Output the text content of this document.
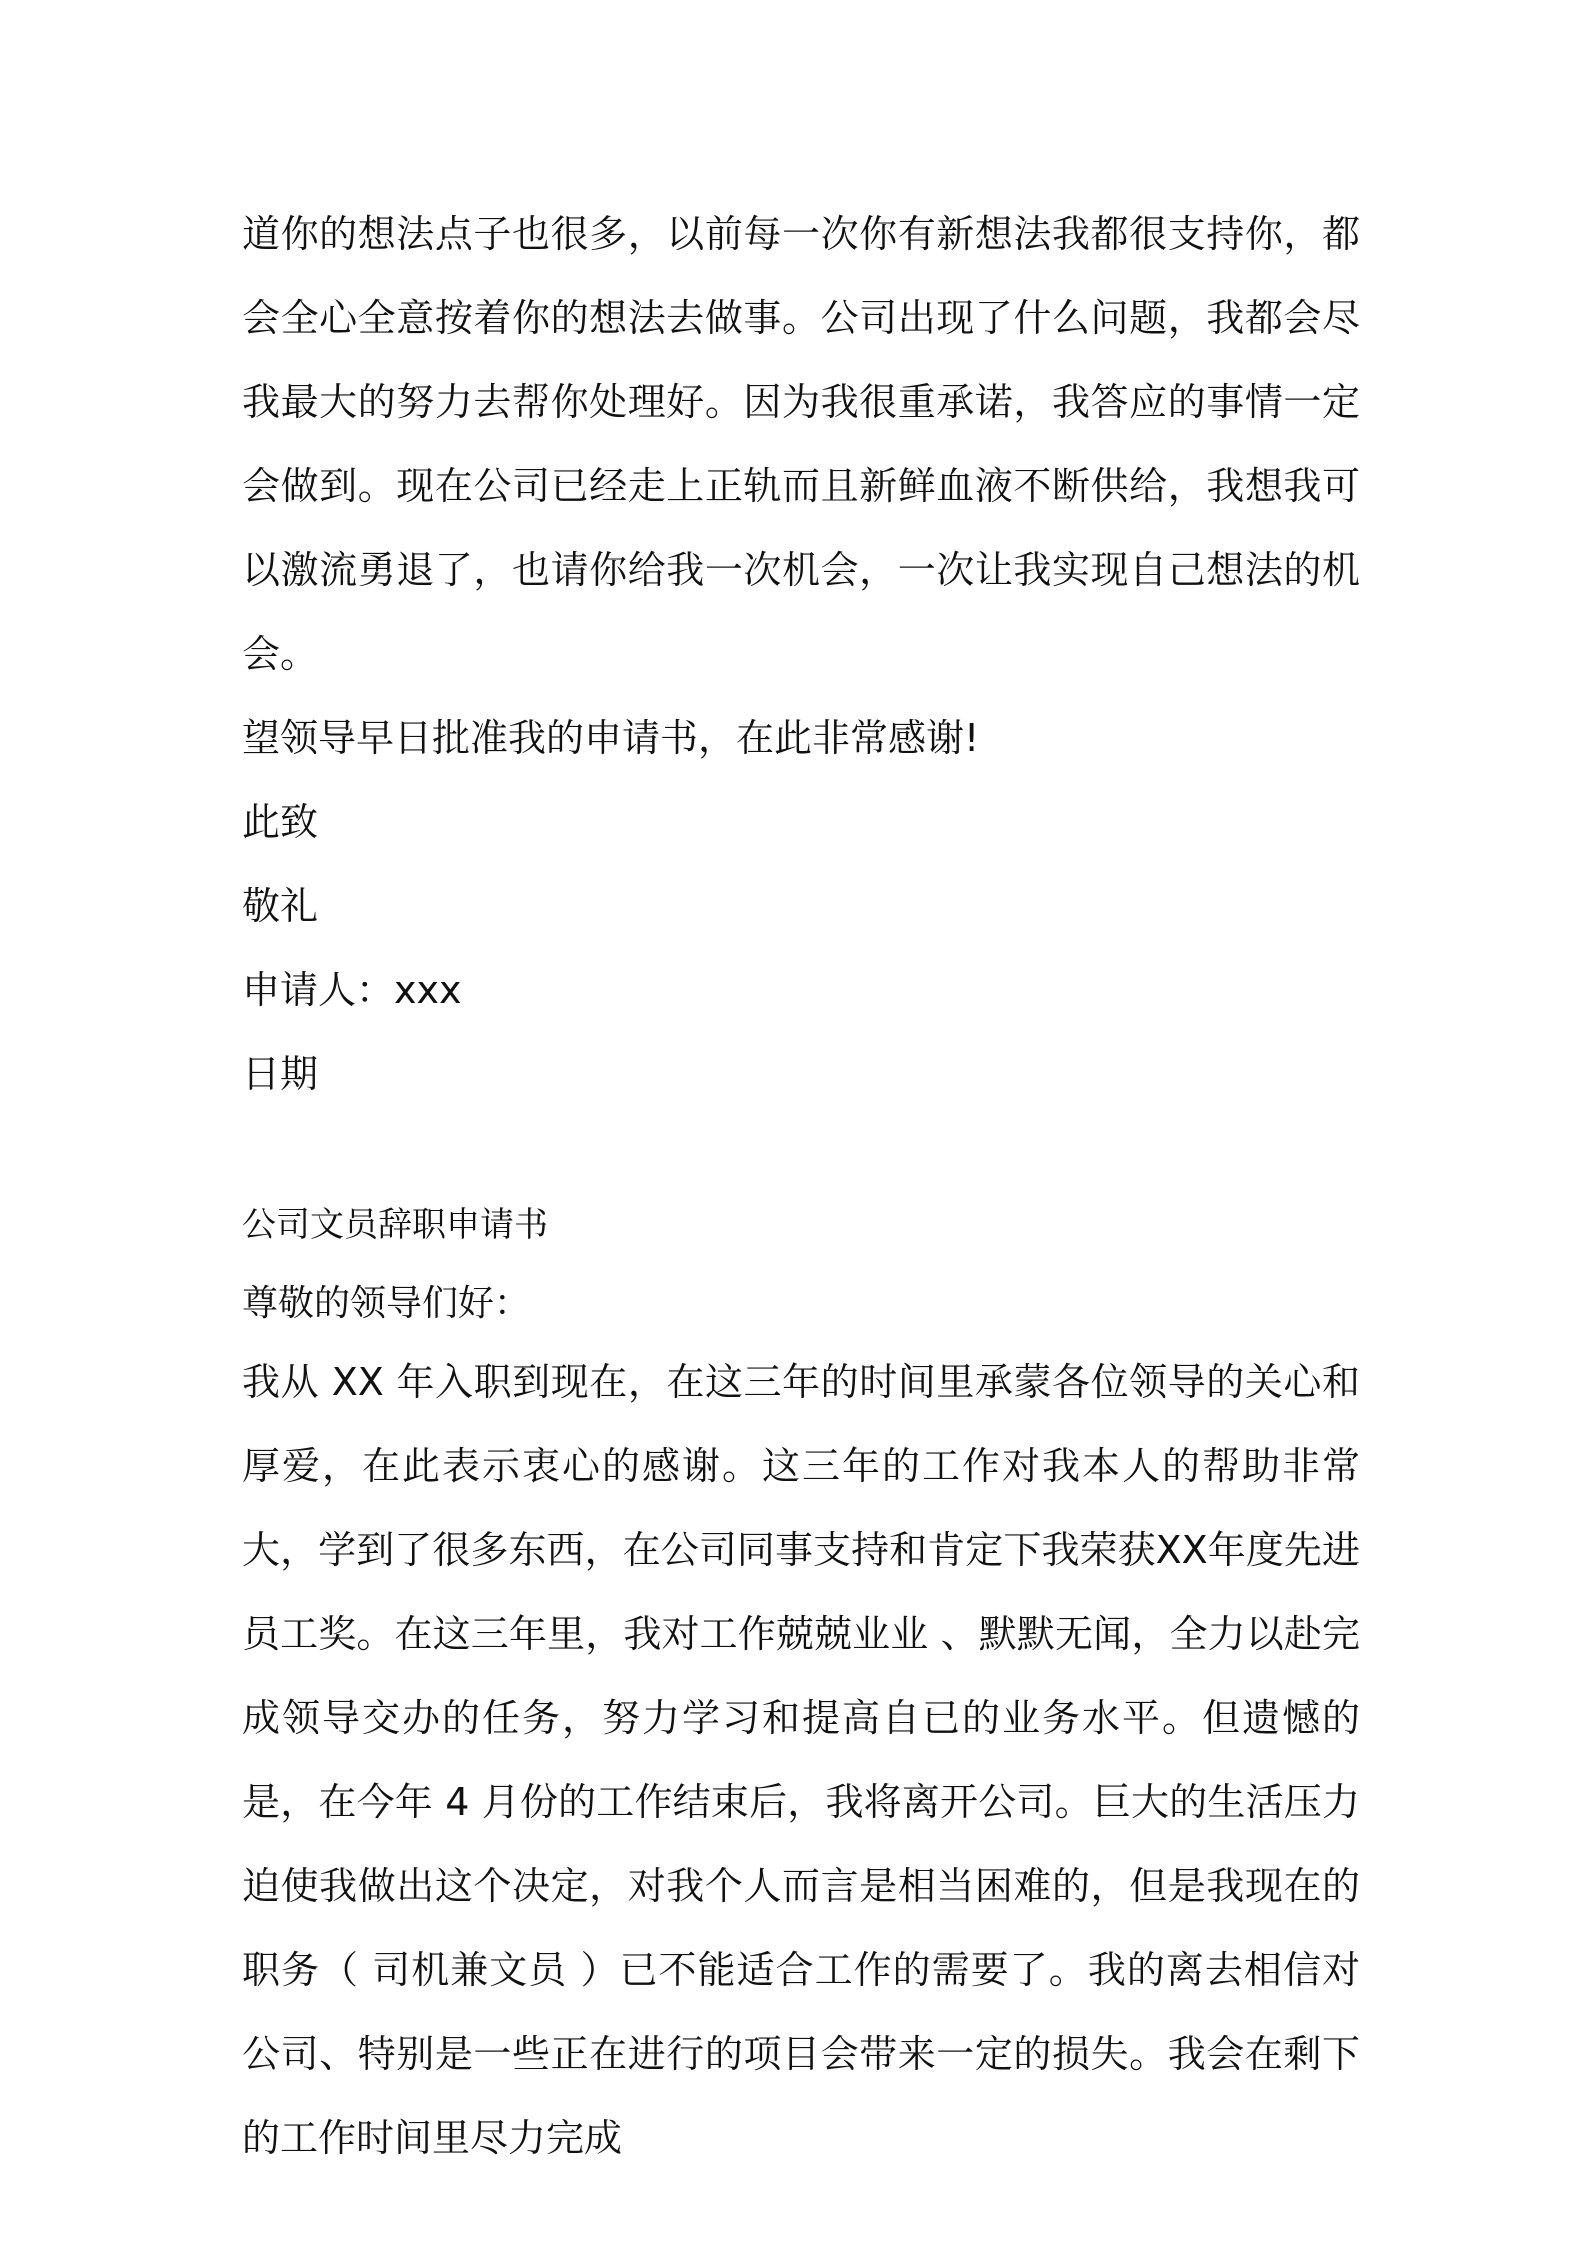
道你的想法点子也很多，以前每一次你有新想法我都很支持你，都会全心全意按着你的想法去做事。公司出现了什么问题，我都会尽我最大的努力去帮你处理好。因为我很重承诺，我答应的事情一定会做到。现在公司已经走上正轨而且新鲜血液不断供给，我想我可以激流勇退了，也请你给我一次机会，一次让我实现自己想法的机会。

望领导早日批准我的申请书，在此非常感谢!

此致

敬礼

申请人：xxx

日期

公司文员辞职申请书

尊敬的领导们好：

我从 XX 年入职到现在，在这三年的时间里承蒙各位领导的关心和厚爱，在此表示衷心的感谢。这三年的工作对我本人的帮助非常大，学到了很多东西，在公司同事支持和肯定下我荣获XX年度先进员工奖。在这三年里，我对工作兢兢业业 、默默无闻，全力以赴完成领导交办的任务，努力学习和提高自已的业务水平。但遗憾的是，在今年 4 月份的工作结束后，我将离开公司。巨大的生活压力迫使我做出这个决定，对我个人而言是相当困难的，但是我现在的职务（ 司机兼文员 ）已不能适合工作的需要了。我的离去相信对公司、特别是一些正在进行的项目会带来一定的损失。我会在剩下的工作时间里尽力完成
